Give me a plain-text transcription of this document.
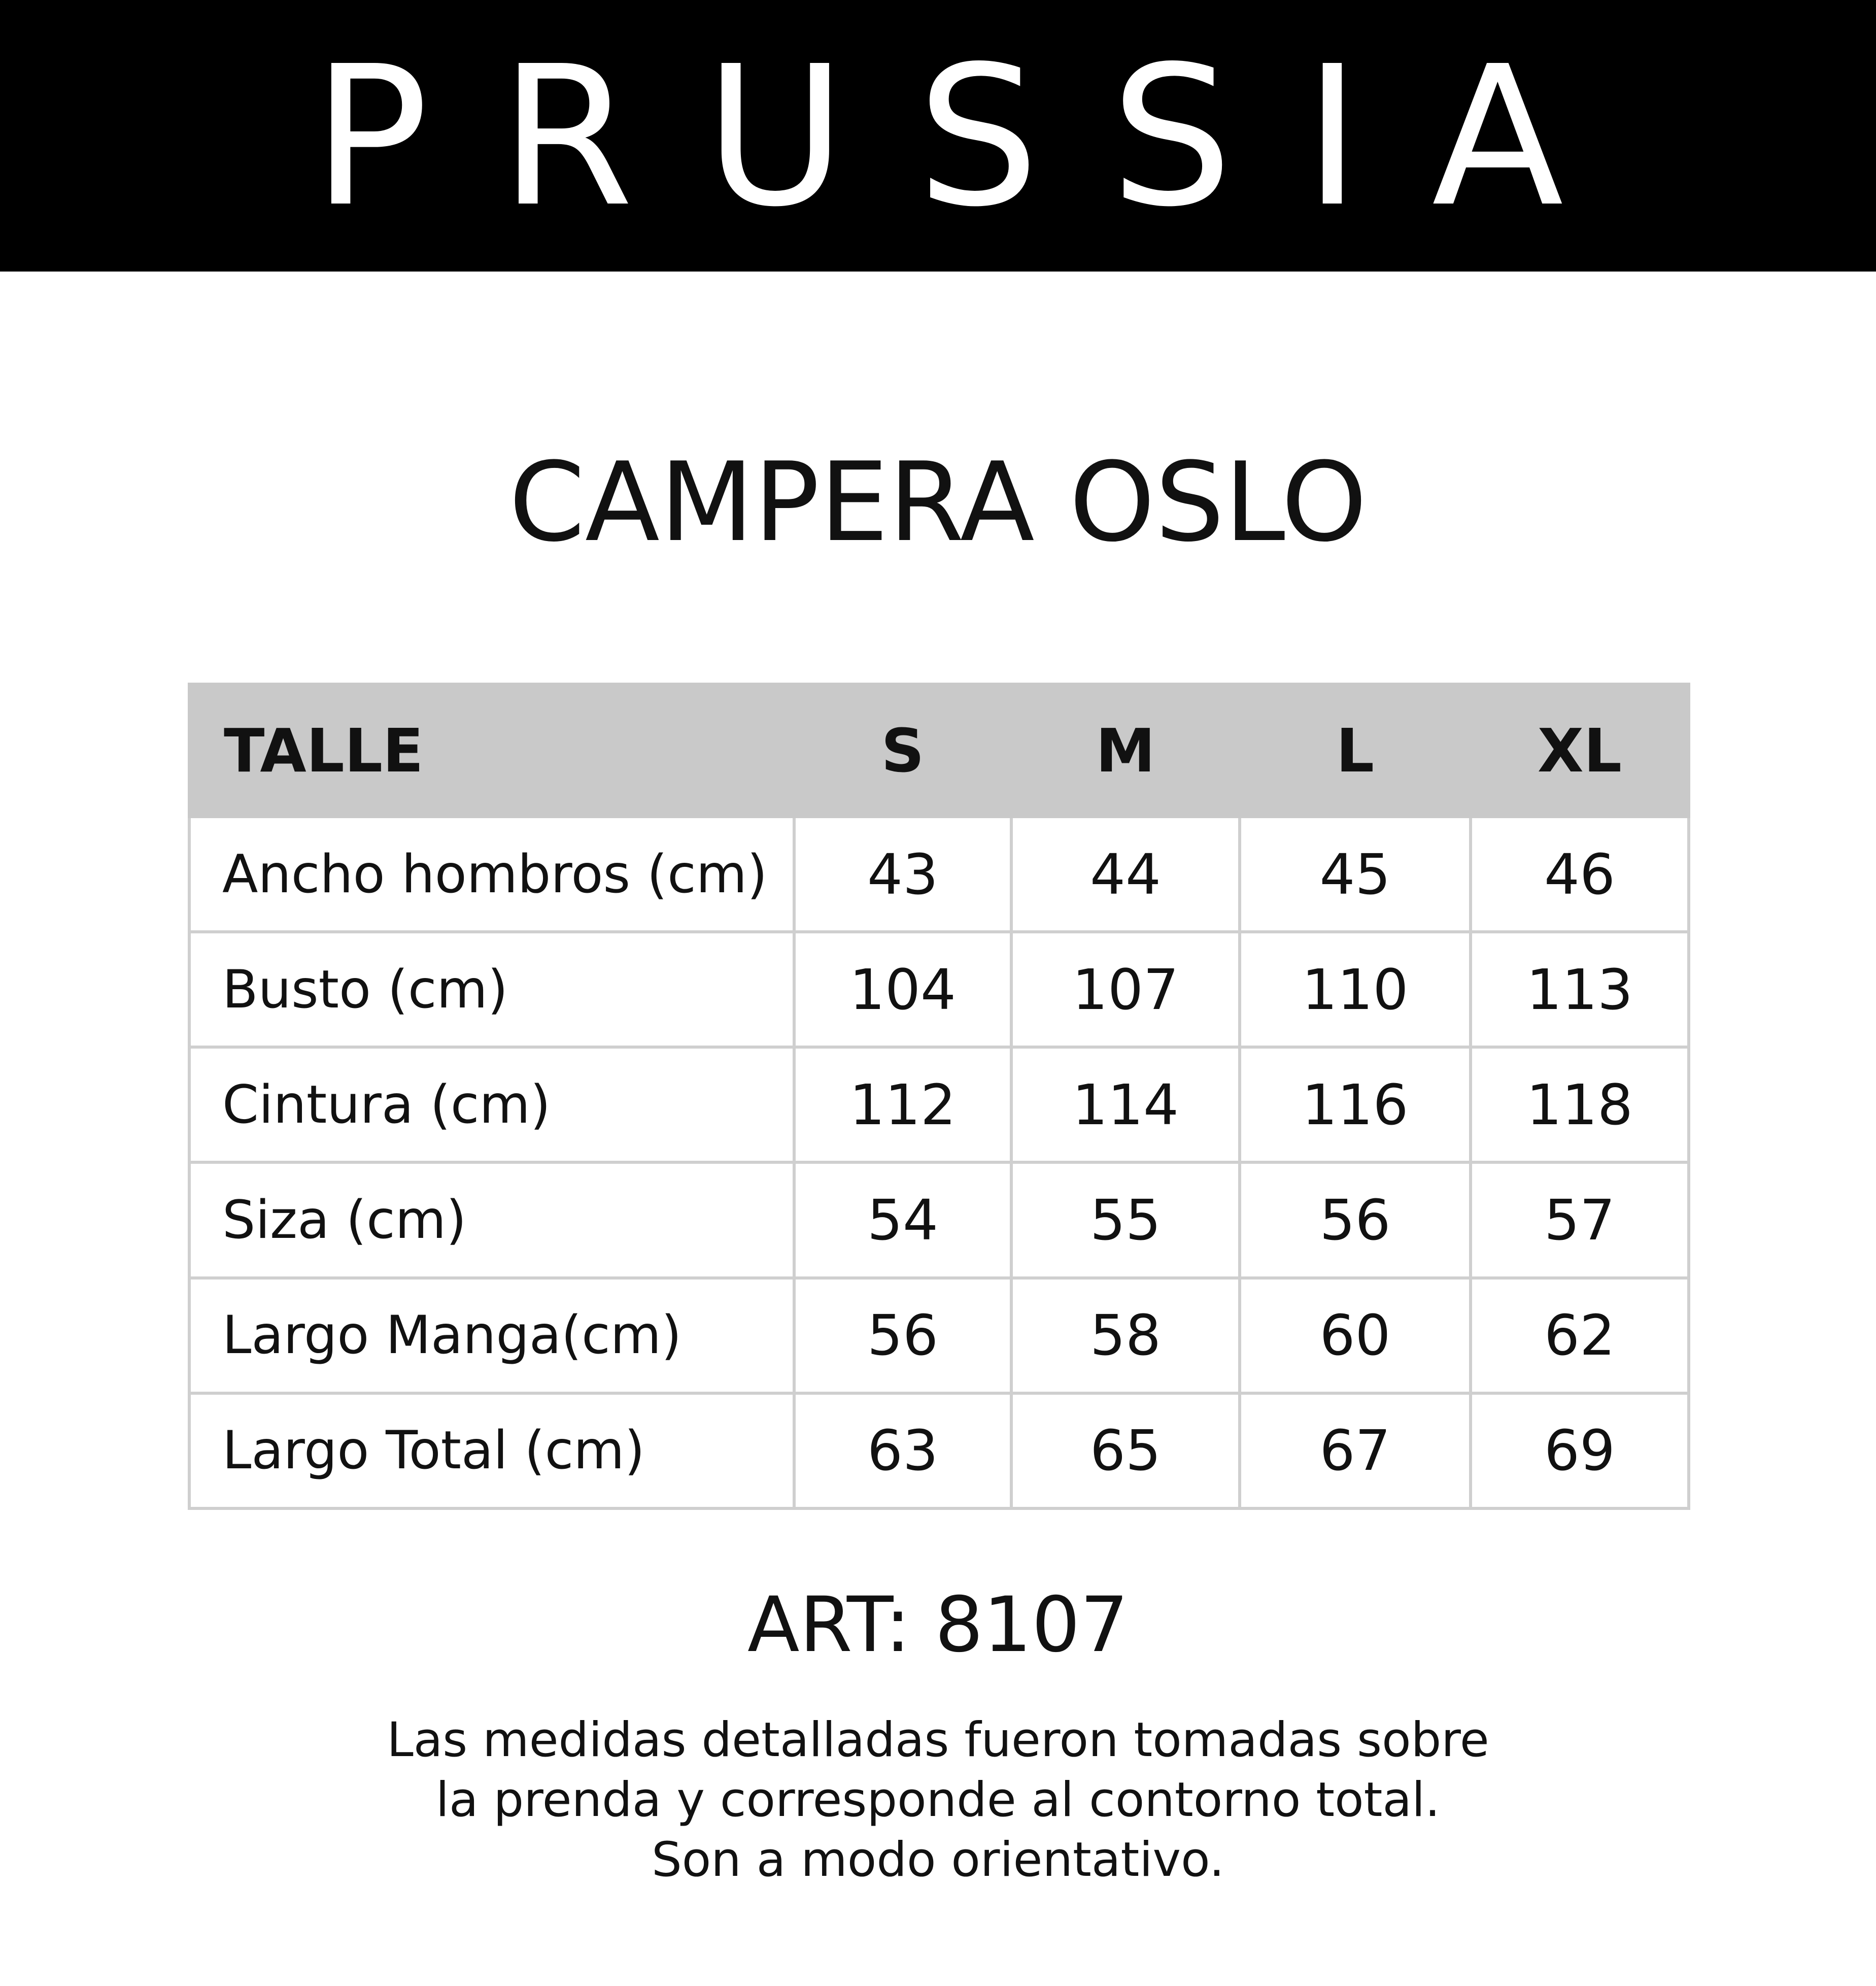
PRUSSIA
CAMPERA OSLO
TALLE	S	M	L	XL
Ancho hombros (cm)	43	44	45	46
Busto (cm)	104	107	110	113
Cintura (cm)	112	114	116	118
Siza (cm)	54	55	56	57
Largo Manga(cm)	56	58	60	62
Largo Total (cm)	63	65	67	69
ART: 8107
Las medidas detalladas fueron tomadas sobre
la prenda y corresponde al contorno total.
Son a modo orientativo.
